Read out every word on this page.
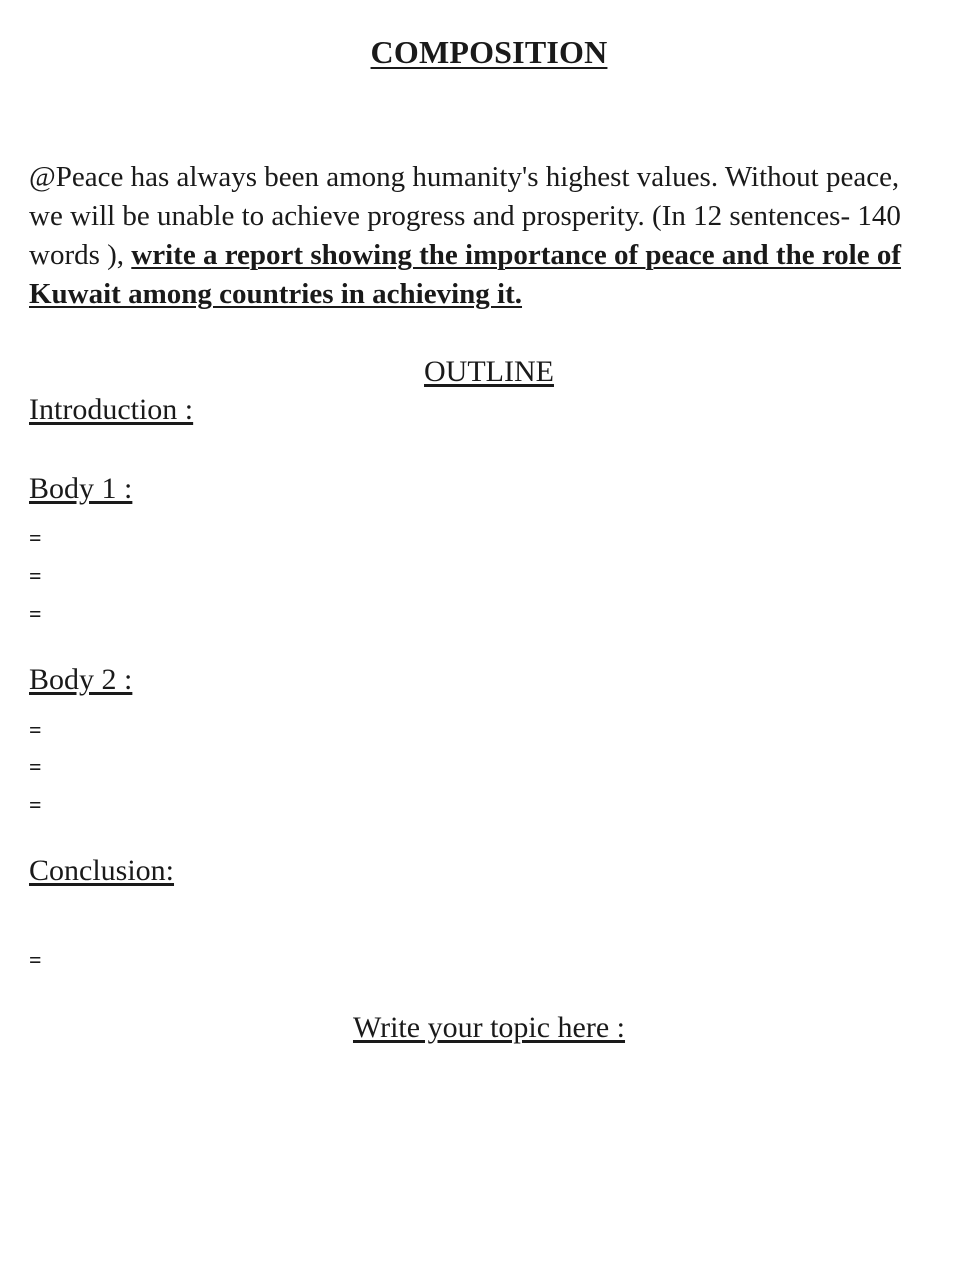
COMPOSITION
@Peace has always been among humanity's highest values. Without peace, we will be unable to achieve progress and prosperity. (In 12 sentences- 140 words ), write a report showing the importance of peace and the role of Kuwait among countries in achieving it.
OUTLINE
Introduction :
Body 1 :
=
=
=
Body 2 :
=
=
=
Conclusion:
=
Write your topic here :
